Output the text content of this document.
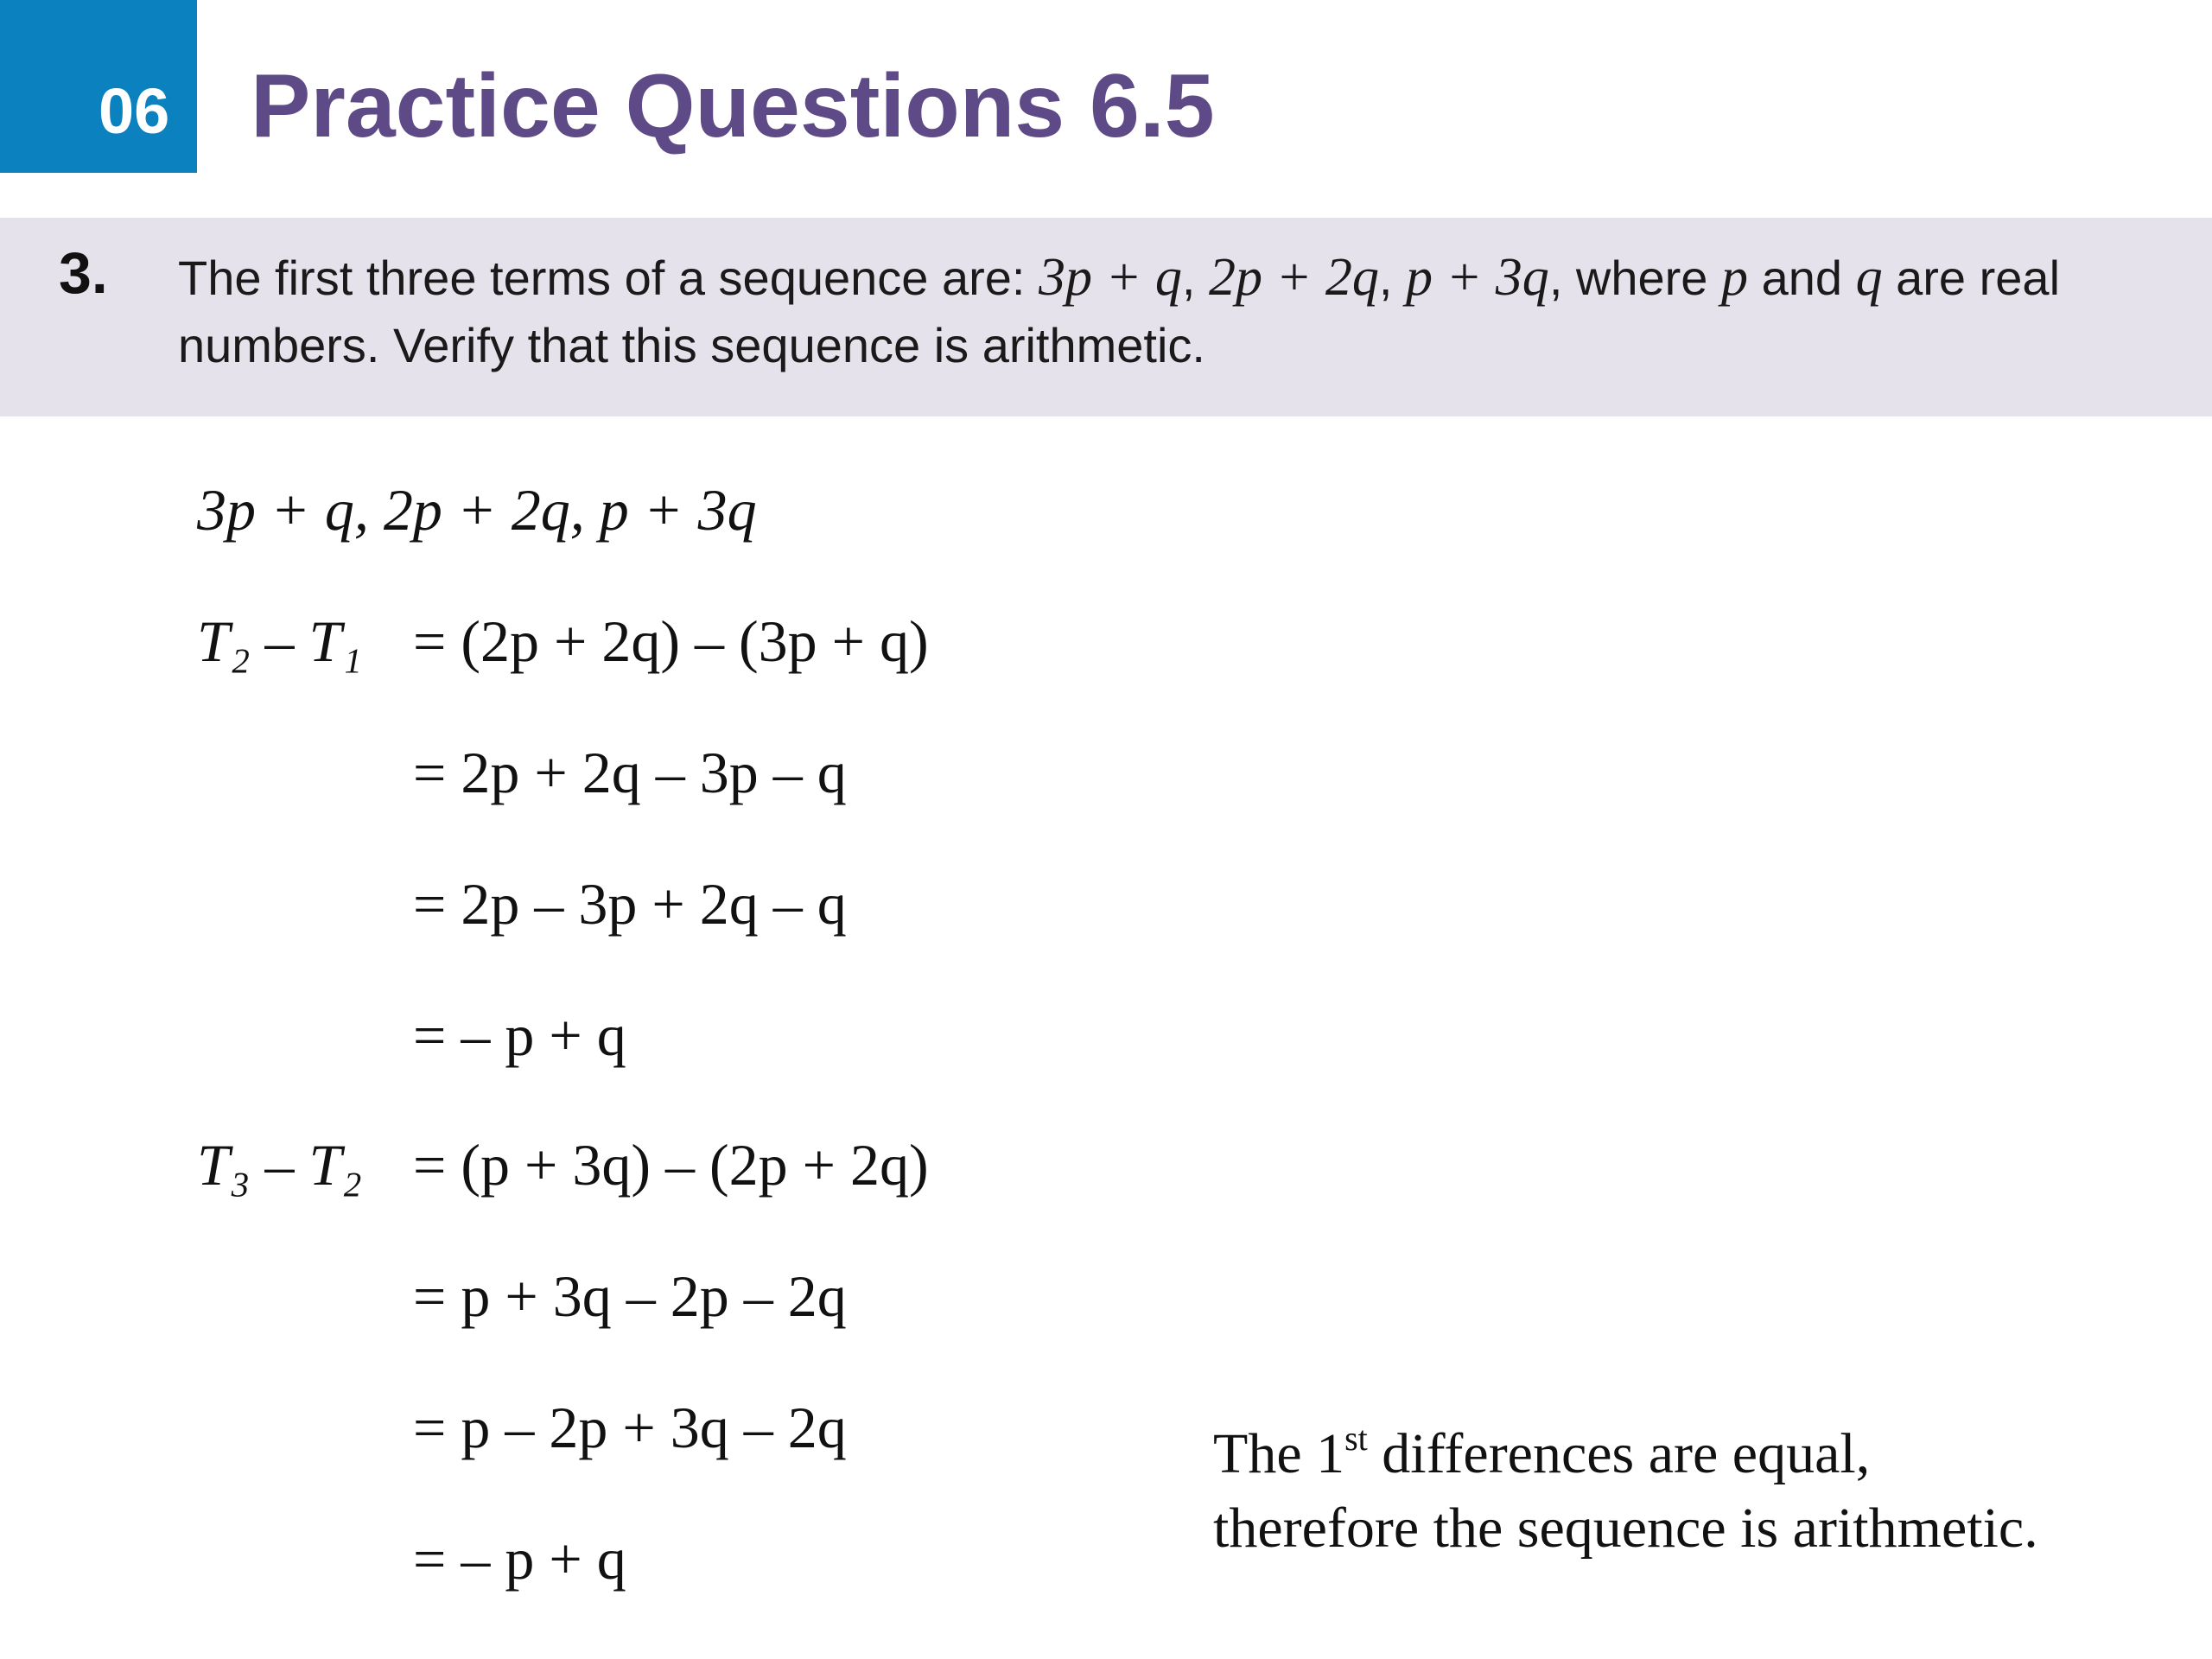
06 Practice Questions 6.5
3. The first three terms of a sequence are: 3p + q, 2p + 2q, p + 3q, where p and q are real numbers. Verify that this sequence is arithmetic.
3p + q, 2p + 2q, p + 3q
T₂ – T₁ = (2p + 2q) – (3p + q)
= 2p + 2q – 3p – q
= 2p – 3p + 2q – q
= – p + q
T₃ – T₂ = (p + 3q) – (2p + 2q)
= p + 3q – 2p – 2q
= p – 2p + 3q – 2q
= – p + q
The 1st differences are equal,
therefore the sequence is arithmetic.
